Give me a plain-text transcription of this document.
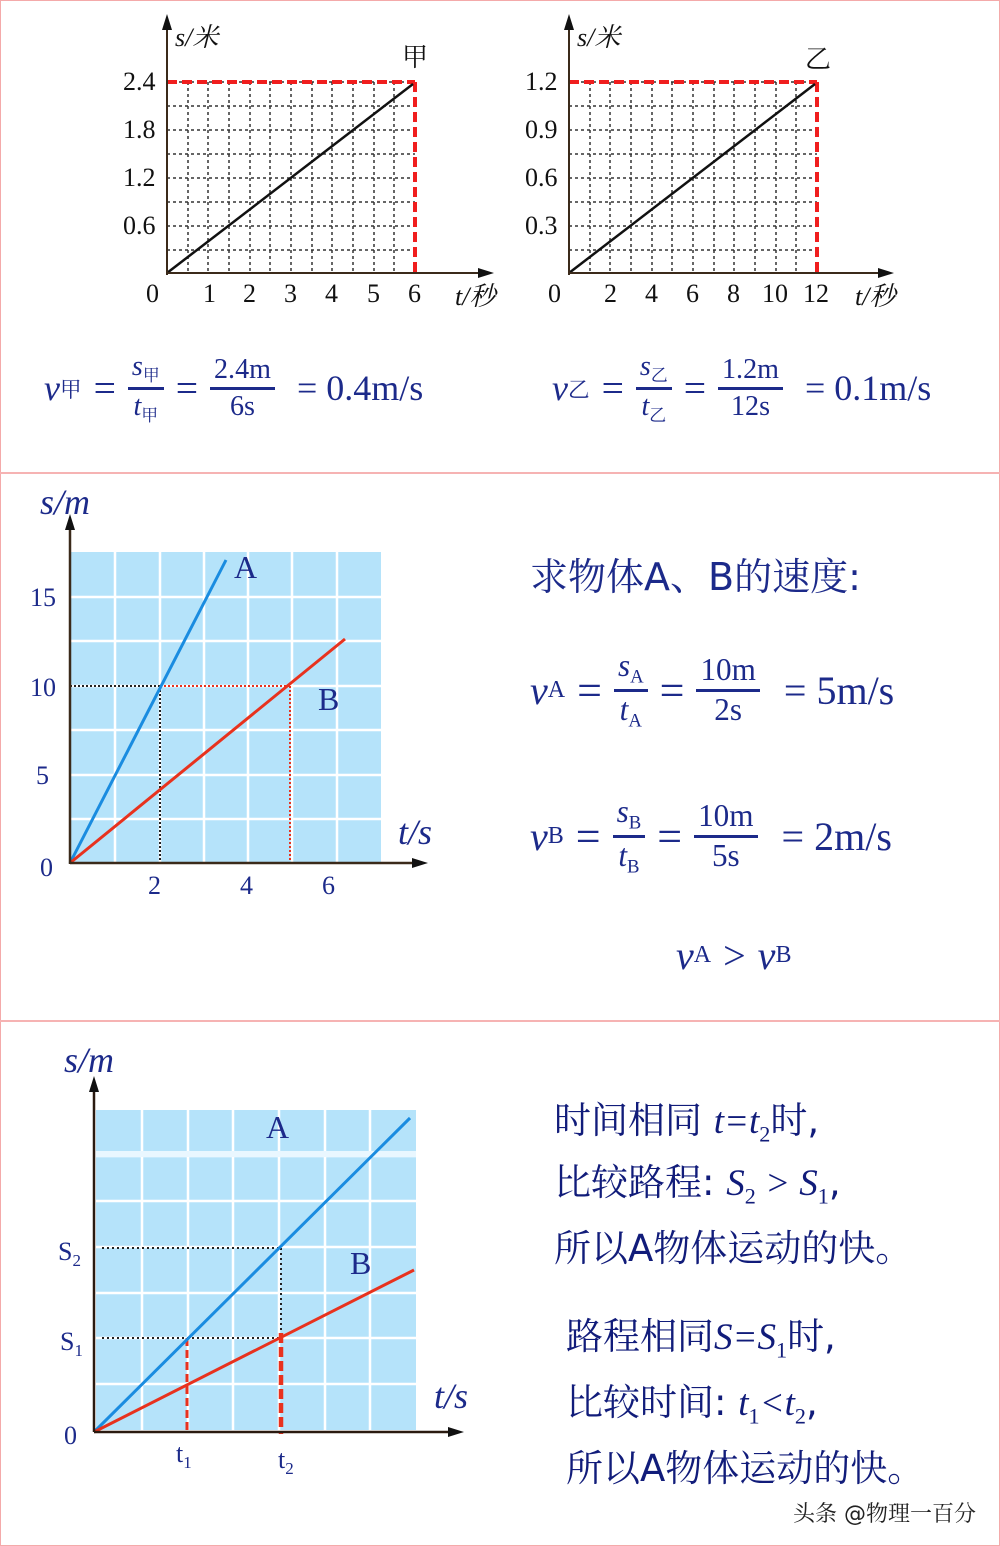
s/米
甲
2.4
1.8
1.2
0.6
0 1 2 3 4 5 6 t/秒
s/米
乙
1.2
0.9
0.6
0.3
0 2 4 6 8 10 12 t/秒
v 甲 = $\frac{s_甲}{t_甲} = \frac{2.4m}{6s} = 0.4m/s$	v 乙 = $\frac{s_乙}{t_乙} = \frac{1.2m}{12s} = 0.1m/s$
s/m
t/s
A
B
15
10
5
0
2	4	6
求物体A、B的速度:
v $A = \frac{s_A}{t_A} = \frac{10m}{2s} = 5m/s$
v $B = \frac{s_B}{t_B} = \frac{10m}{5s} = 2m/s$
v A > v B
s/m
t/s
A
B
0
$S_2$
$S_1$
$t_1$	$t_2$
时间相同 $t=t_2$时,
比较路程: $S_2 > S_1$,
所以A物体运动的快。
路程相同$S=S_1$时,
比较时间: $t_1<t_2$,
所以A物体运动的快。
头条 @物理一百分
